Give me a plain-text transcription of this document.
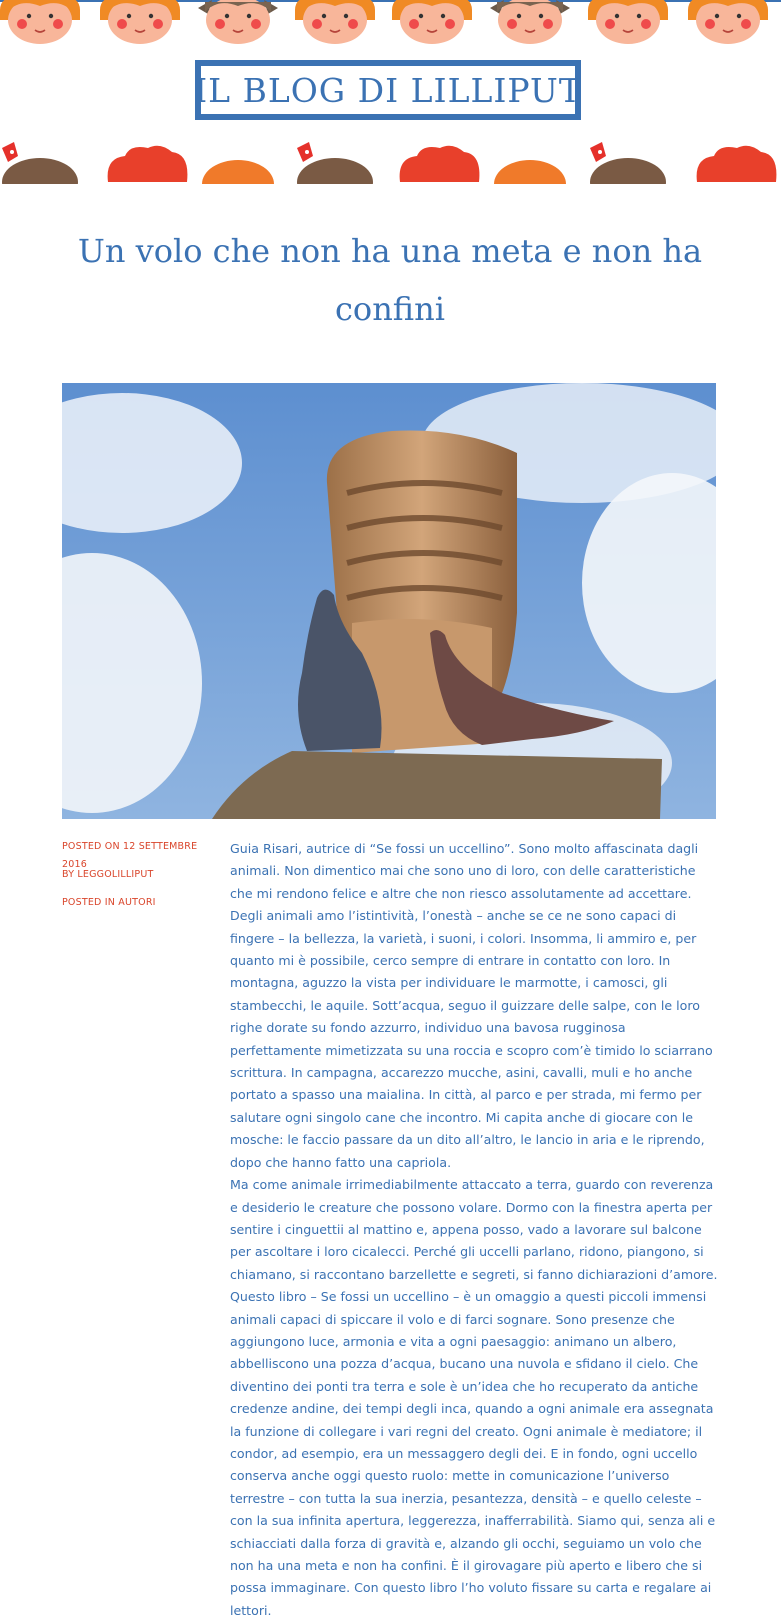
IL BLOG DI LILLIPUT
Un volo che non ha una meta e non ha confini
POSTED ON 12 SETTEMBRE 2016
BY LEGGOLILLIPUT
POSTED IN AUTORI

Guia Risari, autrice di “Se fossi un uccellino”. Sono molto affascinata dagli animali. Non dimentico mai che sono uno di loro, con delle caratteristiche che mi rendono felice e altre che non riesco assolutamente ad accettare. Degli animali amo l’istintività, l’onestà – anche se ce ne sono capaci di fingere – la bellezza, la varietà, i suoni, i colori. Insomma, li ammiro e, per quanto mi è possibile, cerco sempre di entrare in contatto con loro. In montagna, aguzzo la vista per individuare le marmotte, i camosci, gli stambecchi, le aquile. Sott’acqua, seguo il guizzare delle salpe, con le loro righe dorate su fondo azzurro, individuo una bavosa rugginosa perfettamente mimetizzata su una roccia e scopro com’è timido lo sciarrano scrittura. In campagna, accarezzo mucche, asini, cavalli, muli e ho anche portato a spasso una maialina. In città, al parco e per strada, mi fermo per salutare ogni singolo cane che incontro. Mi capita anche di giocare con le mosche: le faccio passare da un dito all’altro, le lancio in aria e le riprendo, dopo che hanno fatto una capriola.

Ma come animale irrimediabilmente attaccato a terra, guardo con reverenza e desiderio le creature che possono volare. Dormo con la finestra aperta per sentire i cinguettii al mattino e, appena posso, vado a lavorare sul balcone per ascoltare i loro cicalecci. Perché gli uccelli parlano, ridono, piangono, si chiamano, si raccontano barzellette e segreti, si fanno dichiarazioni d’amore. Questo libro – Se fossi un uccellino – è un omaggio a questi piccoli immensi animali capaci di spiccare il volo e di farci sognare. Sono presenze che aggiungono luce, armonia e vita a ogni paesaggio: animano un albero, abbelliscono una pozza d’acqua, bucano una nuvola e sfidano il cielo. Che diventino dei ponti tra terra e sole è un’idea che ho recuperato da antiche credenze andine, dei tempi degli inca, quando a ogni animale era assegnata la funzione di collegare i vari regni del creato. Ogni animale è mediatore; il condor, ad esempio, era un messaggero degli dei. E in fondo, ogni uccello conserva anche oggi questo ruolo: mette in comunicazione l’universo terrestre – con tutta la sua inerzia, pesantezza, densità – e quello celeste – con la sua infinita apertura, leggerezza, inafferrabilità. Siamo qui, senza ali e schiacciati dalla forza di gravità e, alzando gli occhi, seguiamo un volo che non ha una meta e non ha confini. È il girovagare più aperto e libero che si possa immaginare. Con questo libro l’ho voluto fissare su carta e regalare ai lettori.
